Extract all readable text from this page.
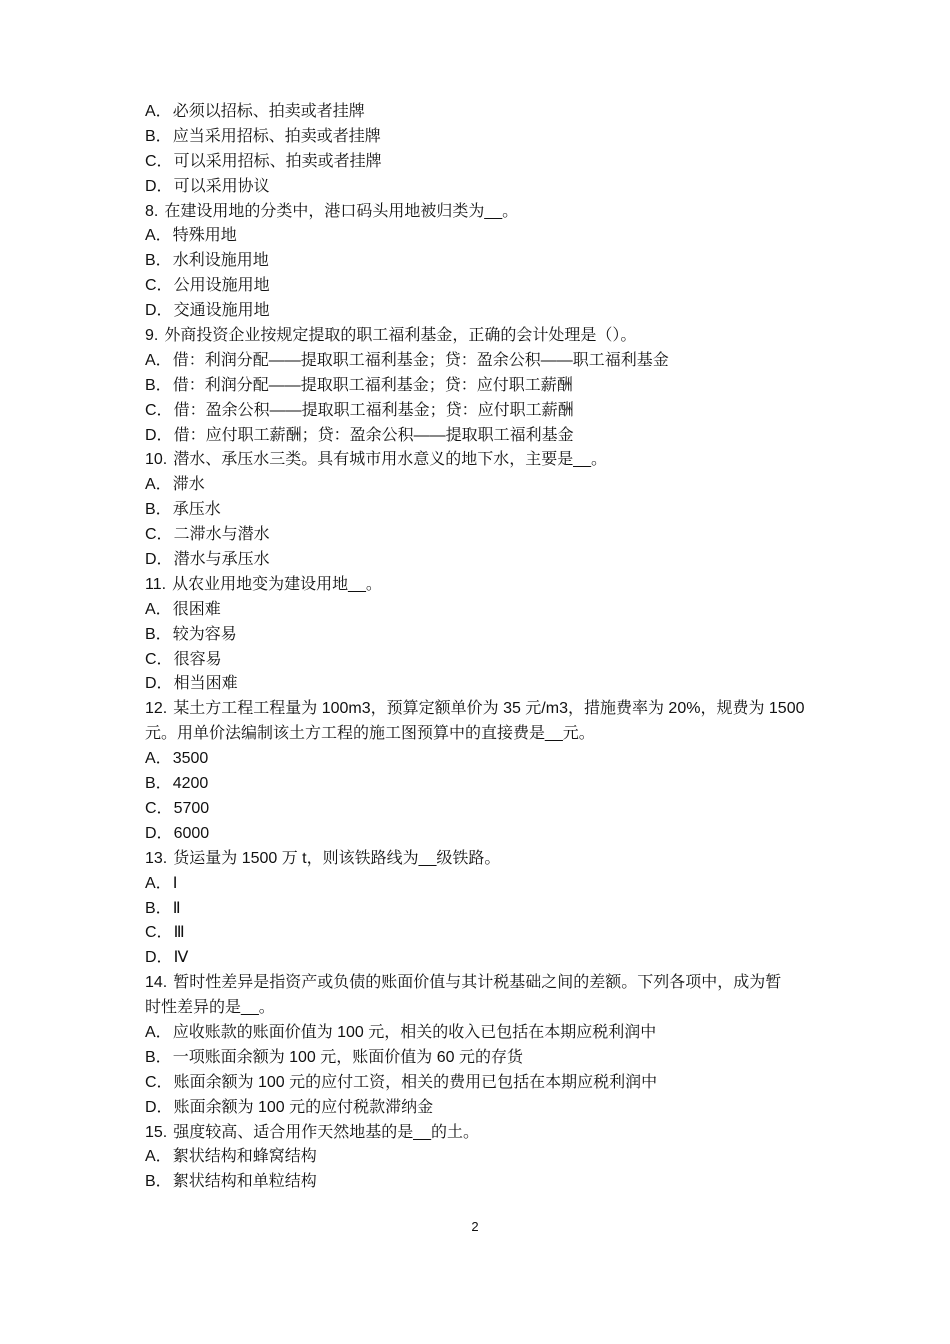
A．必须以招标、拍卖或者挂牌
B．应当采用招标、拍卖或者挂牌
C．可以采用招标、拍卖或者挂牌
D．可以采用协议
8. 在建设用地的分类中，港口码头用地被归类为__。
A．特殊用地
B．水利设施用地
C．公用设施用地
D．交通设施用地
9. 外商投资企业按规定提取的职工福利基金，正确的会计处理是（）。
A．借：利润分配——提取职工福利基金；贷：盈余公积——职工福利基金
B．借：利润分配——提取职工福利基金；贷：应付职工薪酬
C．借：盈余公积——提取职工福利基金；贷：应付职工薪酬
D．借：应付职工薪酬；贷：盈余公积——提取职工福利基金
10. 潜水、承压水三类。具有城市用水意义的地下水，主要是__。
A．滞水
B．承压水
C．二滞水与潜水
D．潜水与承压水
11. 从农业用地变为建设用地__。
A．很困难
B．较为容易
C．很容易
D．相当困难
12. 某土方工程工程量为 100m3，预算定额单价为 35 元/m3，措施费率为 20%，规费为 1500
元。用单价法编制该土方工程的施工图预算中的直接费是__元。
A．3500
B．4200
C．5700
D．6000
13. 货运量为 1500 万 t，则该铁路线为__级铁路。
A．Ⅰ
B．Ⅱ
C．Ⅲ
D．Ⅳ
14. 暂时性差异是指资产或负债的账面价值与其计税基础之间的差额。下列各项中，成为暂
时性差异的是__。
A．应收账款的账面价值为 100 元，相关的收入已包括在本期应税利润中
B．一项账面余额为 100 元，账面价值为 60 元的存货
C．账面余额为 100 元的应付工资，相关的费用已包括在本期应税利润中
D．账面余额为 100 元的应付税款滞纳金
15. 强度较高、适合用作天然地基的是__的土。
A．絮状结构和蜂窝结构
B．絮状结构和单粒结构
2
